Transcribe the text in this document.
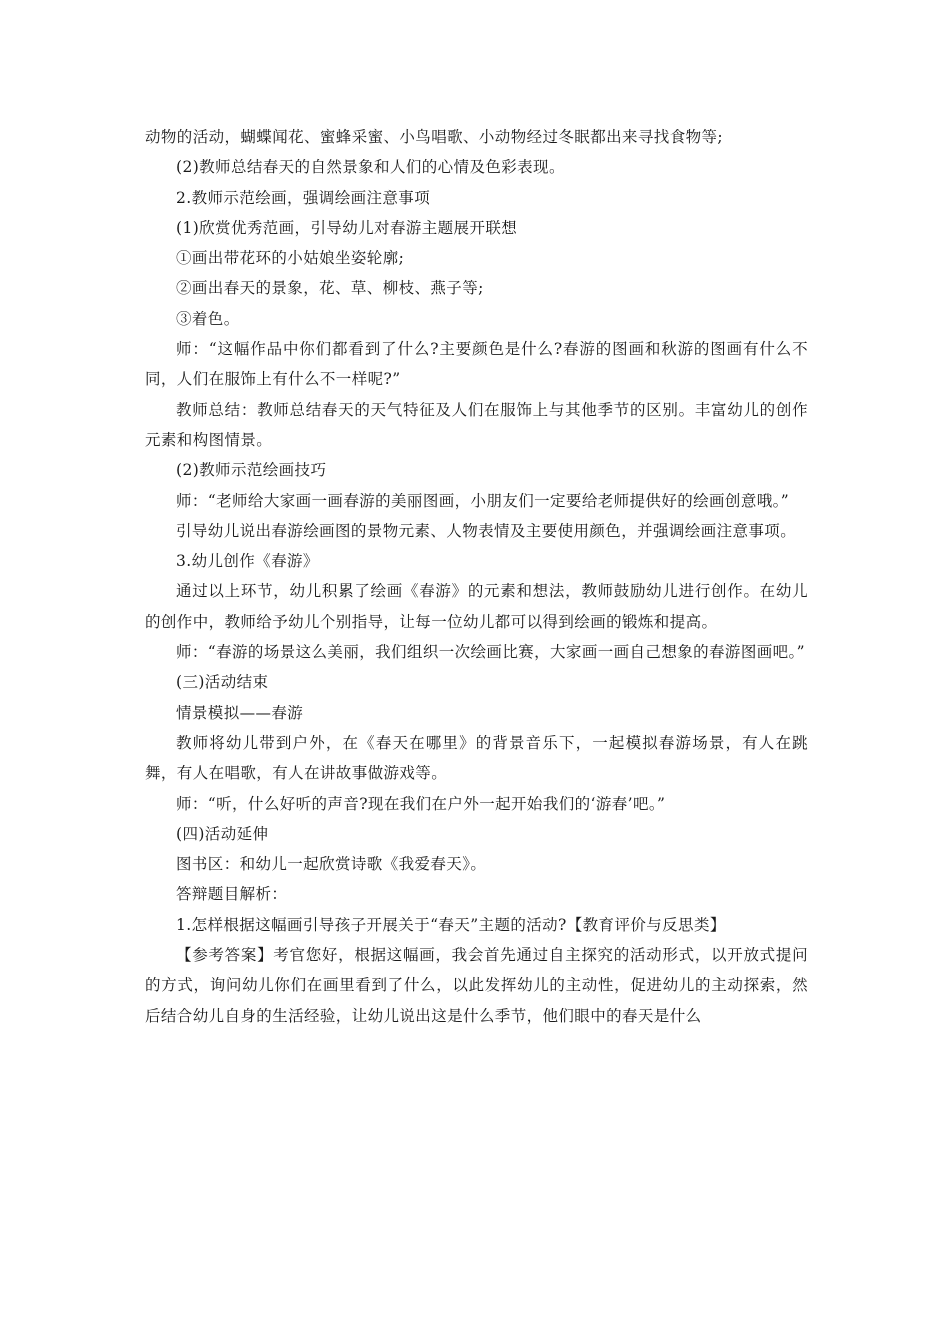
动物的活动，蝴蝶闻花、蜜蜂采蜜、小鸟唱歌、小动物经过冬眠都出来寻找食物等;

(2)教师总结春天的自然景象和人们的心情及色彩表现。

2.教师示范绘画，强调绘画注意事项

(1)欣赏优秀范画，引导幼儿对春游主题展开联想

①画出带花环的小姑娘坐姿轮廓;

②画出春天的景象，花、草、柳枝、燕子等;

③着色。

师：“这幅作品中你们都看到了什么?主要颜色是什么?春游的图画和秋游的图画有什么不同，人们在服饰上有什么不一样呢?”

教师总结：教师总结春天的天气特征及人们在服饰上与其他季节的区别。丰富幼儿的创作元素和构图情景。

(2)教师示范绘画技巧

师：“老师给大家画一画春游的美丽图画，小朋友们一定要给老师提供好的绘画创意哦。”

引导幼儿说出春游绘画图的景物元素、人物表情及主要使用颜色，并强调绘画注意事项。

3.幼儿创作《春游》

通过以上环节，幼儿积累了绘画《春游》的元素和想法，教师鼓励幼儿进行创作。在幼儿的创作中，教师给予幼儿个别指导，让每一位幼儿都可以得到绘画的锻炼和提高。

师：“春游的场景这么美丽，我们组织一次绘画比赛，大家画一画自己想象的春游图画吧。”

(三)活动结束

情景模拟——春游

教师将幼儿带到户外，在《春天在哪里》的背景音乐下，一起模拟春游场景，有人在跳舞，有人在唱歌，有人在讲故事做游戏等。

师：“听，什么好听的声音?现在我们在户外一起开始我们的‘游春’吧。”

(四)活动延伸

图书区：和幼儿一起欣赏诗歌《我爱春天》。

答辩题目解析：

1.怎样根据这幅画引导孩子开展关于“春天”主题的活动?【教育评价与反思类】

【参考答案】考官您好，根据这幅画，我会首先通过自主探究的活动形式，以开放式提问的方式，询问幼儿你们在画里看到了什么，以此发挥幼儿的主动性，促进幼儿的主动探索，然后结合幼儿自身的生活经验，让幼儿说出这是什么季节，他们眼中的春天是什么
